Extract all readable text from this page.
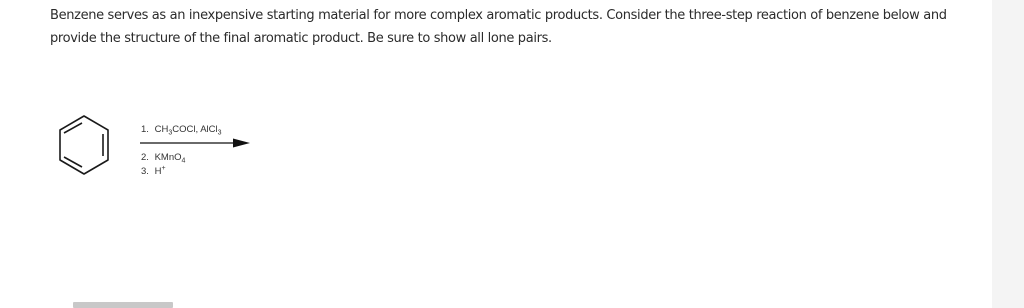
Benzene serves as an inexpensive starting material for more complex aromatic products. Consider the three-step reaction of benzene below and provide the structure of the final aromatic product. Be sure to show all lone pairs.

1. $CH_3COCl$, AlCl$_3$
2. KMnO$_4$
3. H+
